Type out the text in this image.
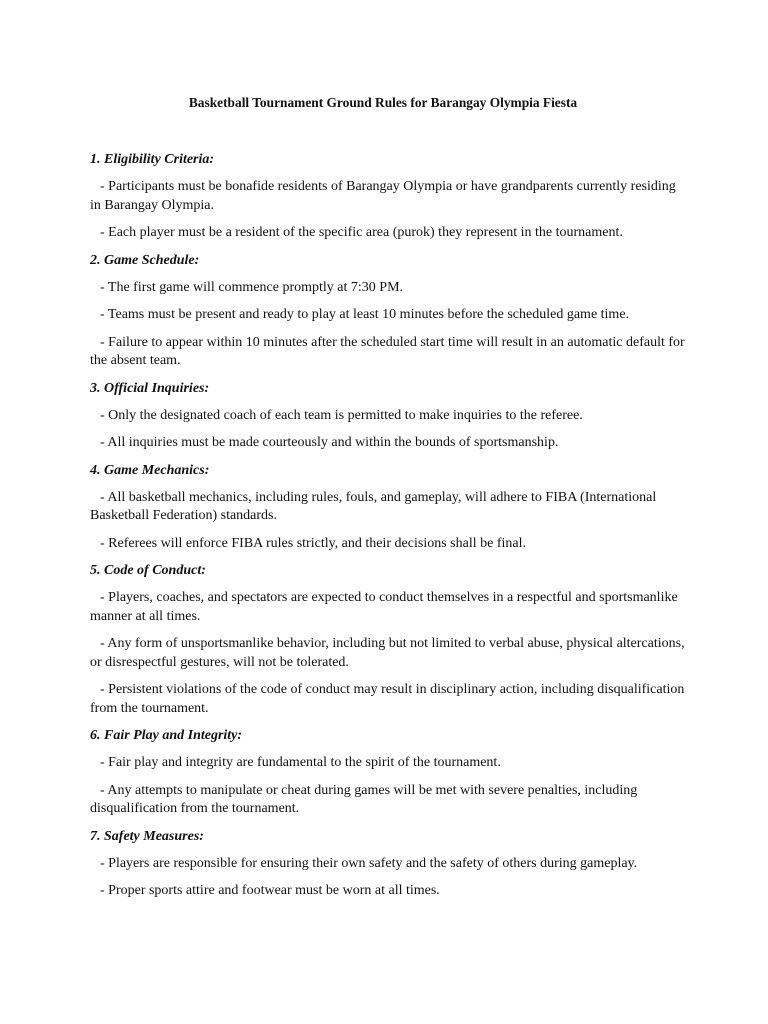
Basketball Tournament Ground Rules for Barangay Olympia Fiesta
1. Eligibility Criteria:

- Participants must be bonafide residents of Barangay Olympia or have grandparents currently residing in Barangay Olympia.

- Each player must be a resident of the specific area (purok) they represent in the tournament.

2. Game Schedule:

- The first game will commence promptly at 7:30 PM.

- Teams must be present and ready to play at least 10 minutes before the scheduled game time.

- Failure to appear within 10 minutes after the scheduled start time will result in an automatic default for the absent team.

3. Official Inquiries:

- Only the designated coach of each team is permitted to make inquiries to the referee.

- All inquiries must be made courteously and within the bounds of sportsmanship.

4. Game Mechanics:

- All basketball mechanics, including rules, fouls, and gameplay, will adhere to FIBA (International Basketball Federation) standards.

- Referees will enforce FIBA rules strictly, and their decisions shall be final.

5. Code of Conduct:

- Players, coaches, and spectators are expected to conduct themselves in a respectful and sportsmanlike manner at all times.

- Any form of unsportsmanlike behavior, including but not limited to verbal abuse, physical altercations, or disrespectful gestures, will not be tolerated.

- Persistent violations of the code of conduct may result in disciplinary action, including disqualification from the tournament.

6. Fair Play and Integrity:

- Fair play and integrity are fundamental to the spirit of the tournament.

- Any attempts to manipulate or cheat during games will be met with severe penalties, including disqualification from the tournament.

7. Safety Measures:

- Players are responsible for ensuring their own safety and the safety of others during gameplay.

- Proper sports attire and footwear must be worn at all times.
